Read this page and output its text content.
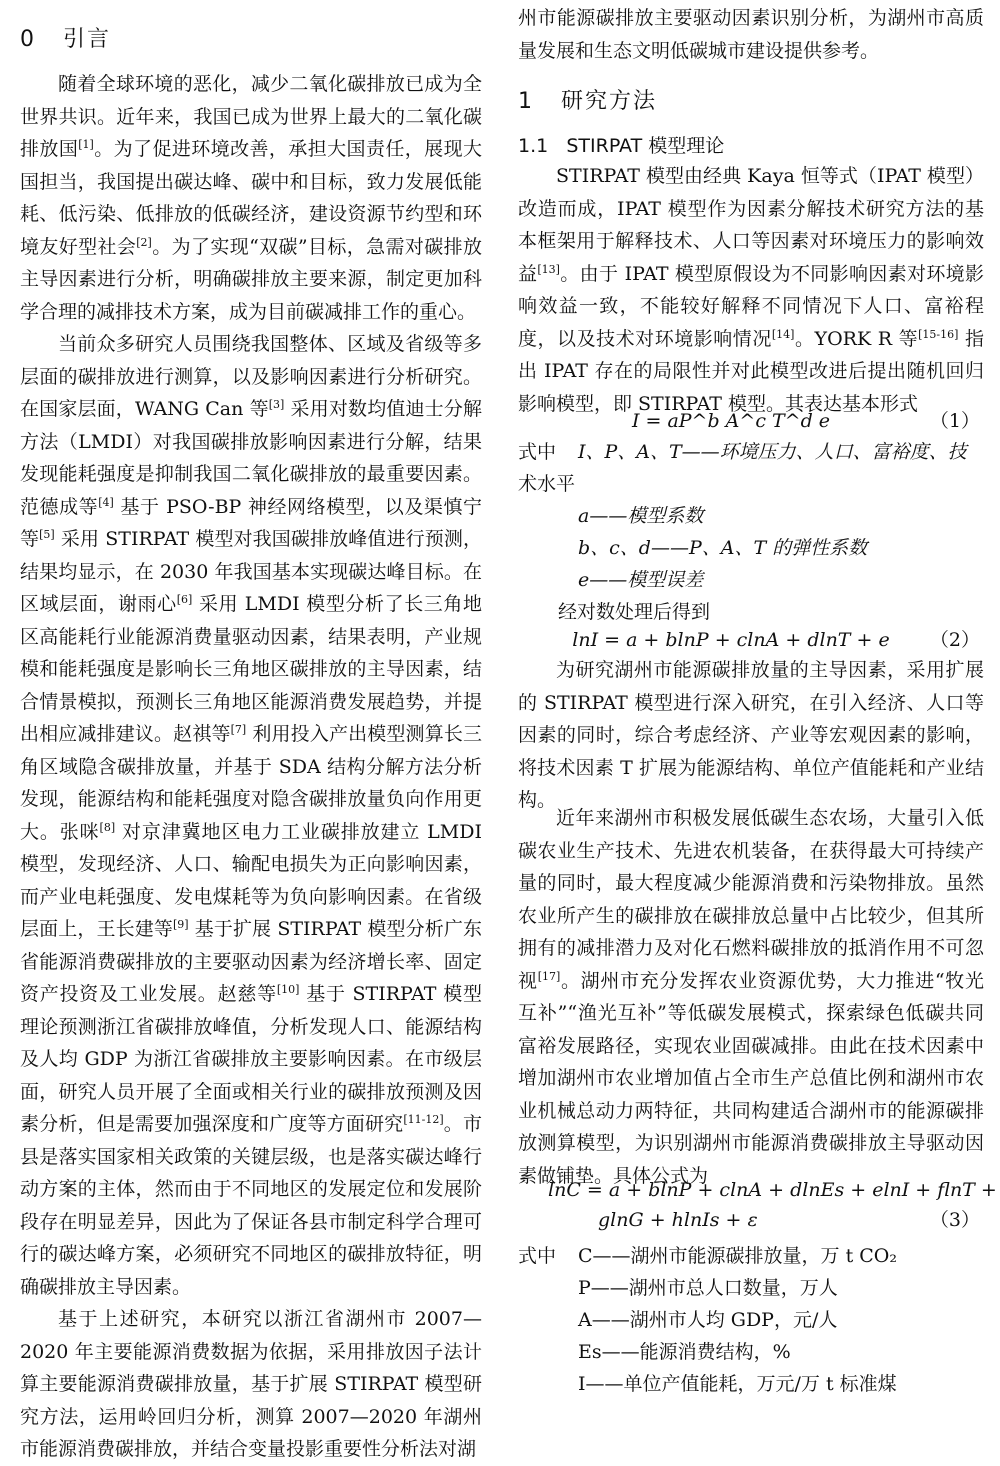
0 引言

随着全球环境的恶化，减少二氧化碳排放已成为全世界共识。近年来，我国已成为世界上最大的二氧化碳排放国[1]。为了促进环境改善，承担大国责任，展现大国担当，我国提出碳达峰、碳中和目标，致力发展低能耗、低污染、低排放的低碳经济，建设资源节约型和环境友好型社会[2]。为了实现“双碳”目标，急需对碳排放主导因素进行分析，明确碳排放主要来源，制定更加科学合理的减排技术方案，成为目前碳减排工作的重心。

当前众多研究人员围绕我国整体、区域及省级等多层面的碳排放进行测算，以及影响因素进行分析研究。在国家层面，WANG Can 等[3] 采用对数均值迪士分解方法（LMDI）对我国碳排放影响因素进行分解，结果发现能耗强度是抑制我国二氧化碳排放的最重要因素。范德成等[4] 基于 PSO-BP 神经网络模型，以及渠慎宁等[5] 采用 STIRPAT 模型对我国碳排放峰值进行预测，结果均显示，在 2030 年我国基本实现碳达峰目标。在区域层面，谢雨心[6] 采用 LMDI 模型分析了长三角地区高能耗行业能源消费量驱动因素，结果表明，产业规模和能耗强度是影响长三角地区碳排放的主导因素，结合情景模拟，预测长三角地区能源消费发展趋势，并提出相应减排建议。赵祺等[7] 利用投入产出模型测算长三角区域隐含碳排放量，并基于 SDA 结构分解方法分析发现，能源结构和能耗强度对隐含碳排放量负向作用更大。张咪[8] 对京津冀地区电力工业碳排放建立 LMDI 模型，发现经济、人口、输配电损失为正向影响因素，而产业电耗强度、发电煤耗等为负向影响因素。在省级层面上，王长建等[9] 基于扩展 STIRPAT 模型分析广东省能源消费碳排放的主要驱动因素为经济增长率、固定资产投资及工业发展。赵慈等[10] 基于 STIRPAT 模型理论预测浙江省碳排放峰值，分析发现人口、能源结构及人均 GDP 为浙江省碳排放主要影响因素。在市级层面，研究人员开展了全面或相关行业的碳排放预测及因素分析，但是需要加强深度和广度等方面研究[11-12]。市县是落实国家相关政策的关键层级，也是落实碳达峰行动方案的主体，然而由于不同地区的发展定位和发展阶段存在明显差异，因此为了保证各县市制定科学合理可行的碳达峰方案，必须研究不同地区的碳排放特征，明确碳排放主导因素。

基于上述研究，本研究以浙江省湖州市 2007—2020 年主要能源消费数据为依据，采用排放因子法计算主要能源消费碳排放量，基于扩展 STIRPAT 模型研究方法，运用岭回归分析，测算 2007—2020 年湖州市能源消费碳排放，并结合变量投影重要性分析法对湖

州市能源碳排放主要驱动因素识别分析，为湖州市高质量发展和生态文明低碳城市建设提供参考。

1 研究方法
1.1 STIRPAT 模型理论

STIRPAT 模型由经典 Kaya 恒等式（IPAT 模型）改造而成，IPAT 模型作为因素分解技术研究方法的基本框架用于解释技术、人口等因素对环境压力的影响效益[13]。由于 IPAT 模型原假设为不同影响因素对环境影响效益一致，不能较好解释不同情况下人口、富裕程度，以及技术对环境影响情况[14]。YORK R 等[15-16] 指出 IPAT 存在的局限性并对此模型改进后提出随机回归影响模型，即 STIRPAT 模型。其表达基本形式

I = aP^b A^c T^d e	（1）
式中 I、P、A、T——环境压力、人口、富裕度、技
术水平
a——模型系数
b、c、d——P、A、T 的弹性系数
e——模型误差
经对数处理后得到
lnI = a + blnP + clnA + dlnT + e	（2）

为研究湖州市能源碳排放量的主导因素，采用扩展的 STIRPAT 模型进行深入研究，在引入经济、人口等因素的同时，综合考虑经济、产业等宏观因素的影响，将技术因素 T 扩展为能源结构、单位产值能耗和产业结构。

近年来湖州市积极发展低碳生态农场，大量引入低碳农业生产技术、先进农机装备，在获得最大可持续产量的同时，最大程度减少能源消费和污染物排放。虽然农业所产生的碳排放在碳排放总量中占比较少，但其所拥有的减排潜力及对化石燃料碳排放的抵消作用不可忽视[17]。湖州市充分发挥农业资源优势，大力推进“牧光互补”“渔光互补”等低碳发展模式，探索绿色低碳共同富裕发展路径，实现农业固碳减排。由此在技术因素中增加湖州市农业增加值占全市生产总值比例和湖州市农业机械总动力两特征，共同构建适合湖州市的能源碳排放测算模型，为识别湖州市能源消费碳排放主导驱动因素做铺垫。具体公式为

lnC = a + blnP + clnA + dlnEs + elnI + flnT +
glnG + hlnIs + ε	（3）
式中 C——湖州市能源碳排放量，万 t CO₂
P——湖州市总人口数量，万人
A——湖州市人均 GDP，元/人
Es——能源消费结构，%
I——单位产值能耗，万元/万 t 标准煤
